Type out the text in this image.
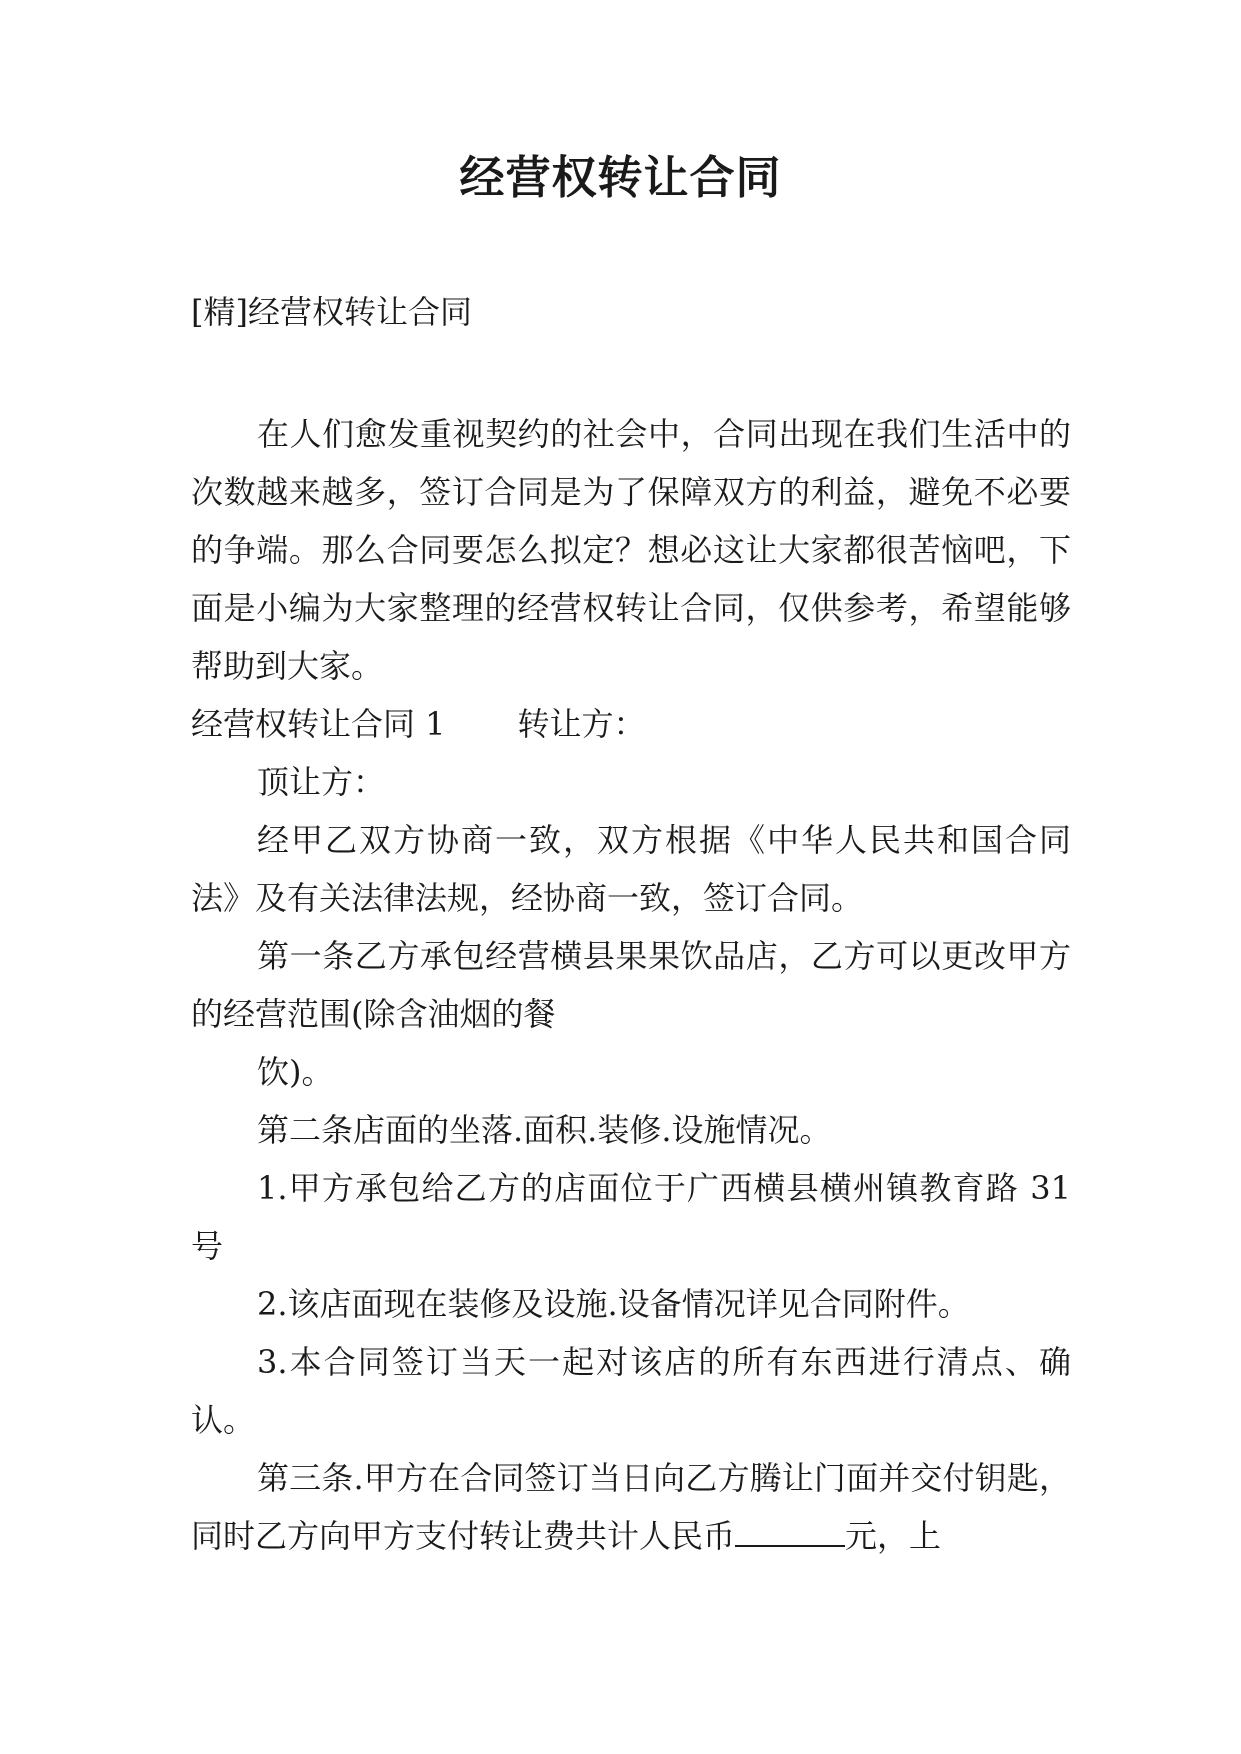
经营权转让合同
[精]经营权转让合同

在人们愈发重视契约的社会中，合同出现在我们生活中的次数越来越多，签订合同是为了保障双方的利益，避免不必要的争端。那么合同要怎么拟定？想必这让大家都很苦恼吧，下面是小编为大家整理的经营权转让合同，仅供参考，希望能够帮助到大家。

经营权转让合同 1 转让方：

顶让方：

经甲乙双方协商一致，双方根据《中华人民共和国合同法》及有关法律法规，经协商一致，签订合同。

第一条乙方承包经营横县果果饮品店，乙方可以更改甲方的经营范围(除含油烟的餐

饮)。

第二条店面的坐落.面积.装修.设施情况。

1.甲方承包给乙方的店面位于广西横县横州镇教育路 31 号

2.该店面现在装修及设施.设备情况详见合同附件。

3.本合同签订当天一起对该店的所有东西进行清点、确认。

第三条.甲方在合同签订当日向乙方腾让门面并交付钥匙，同时乙方向甲方支付转让费共计人民币	元，上
